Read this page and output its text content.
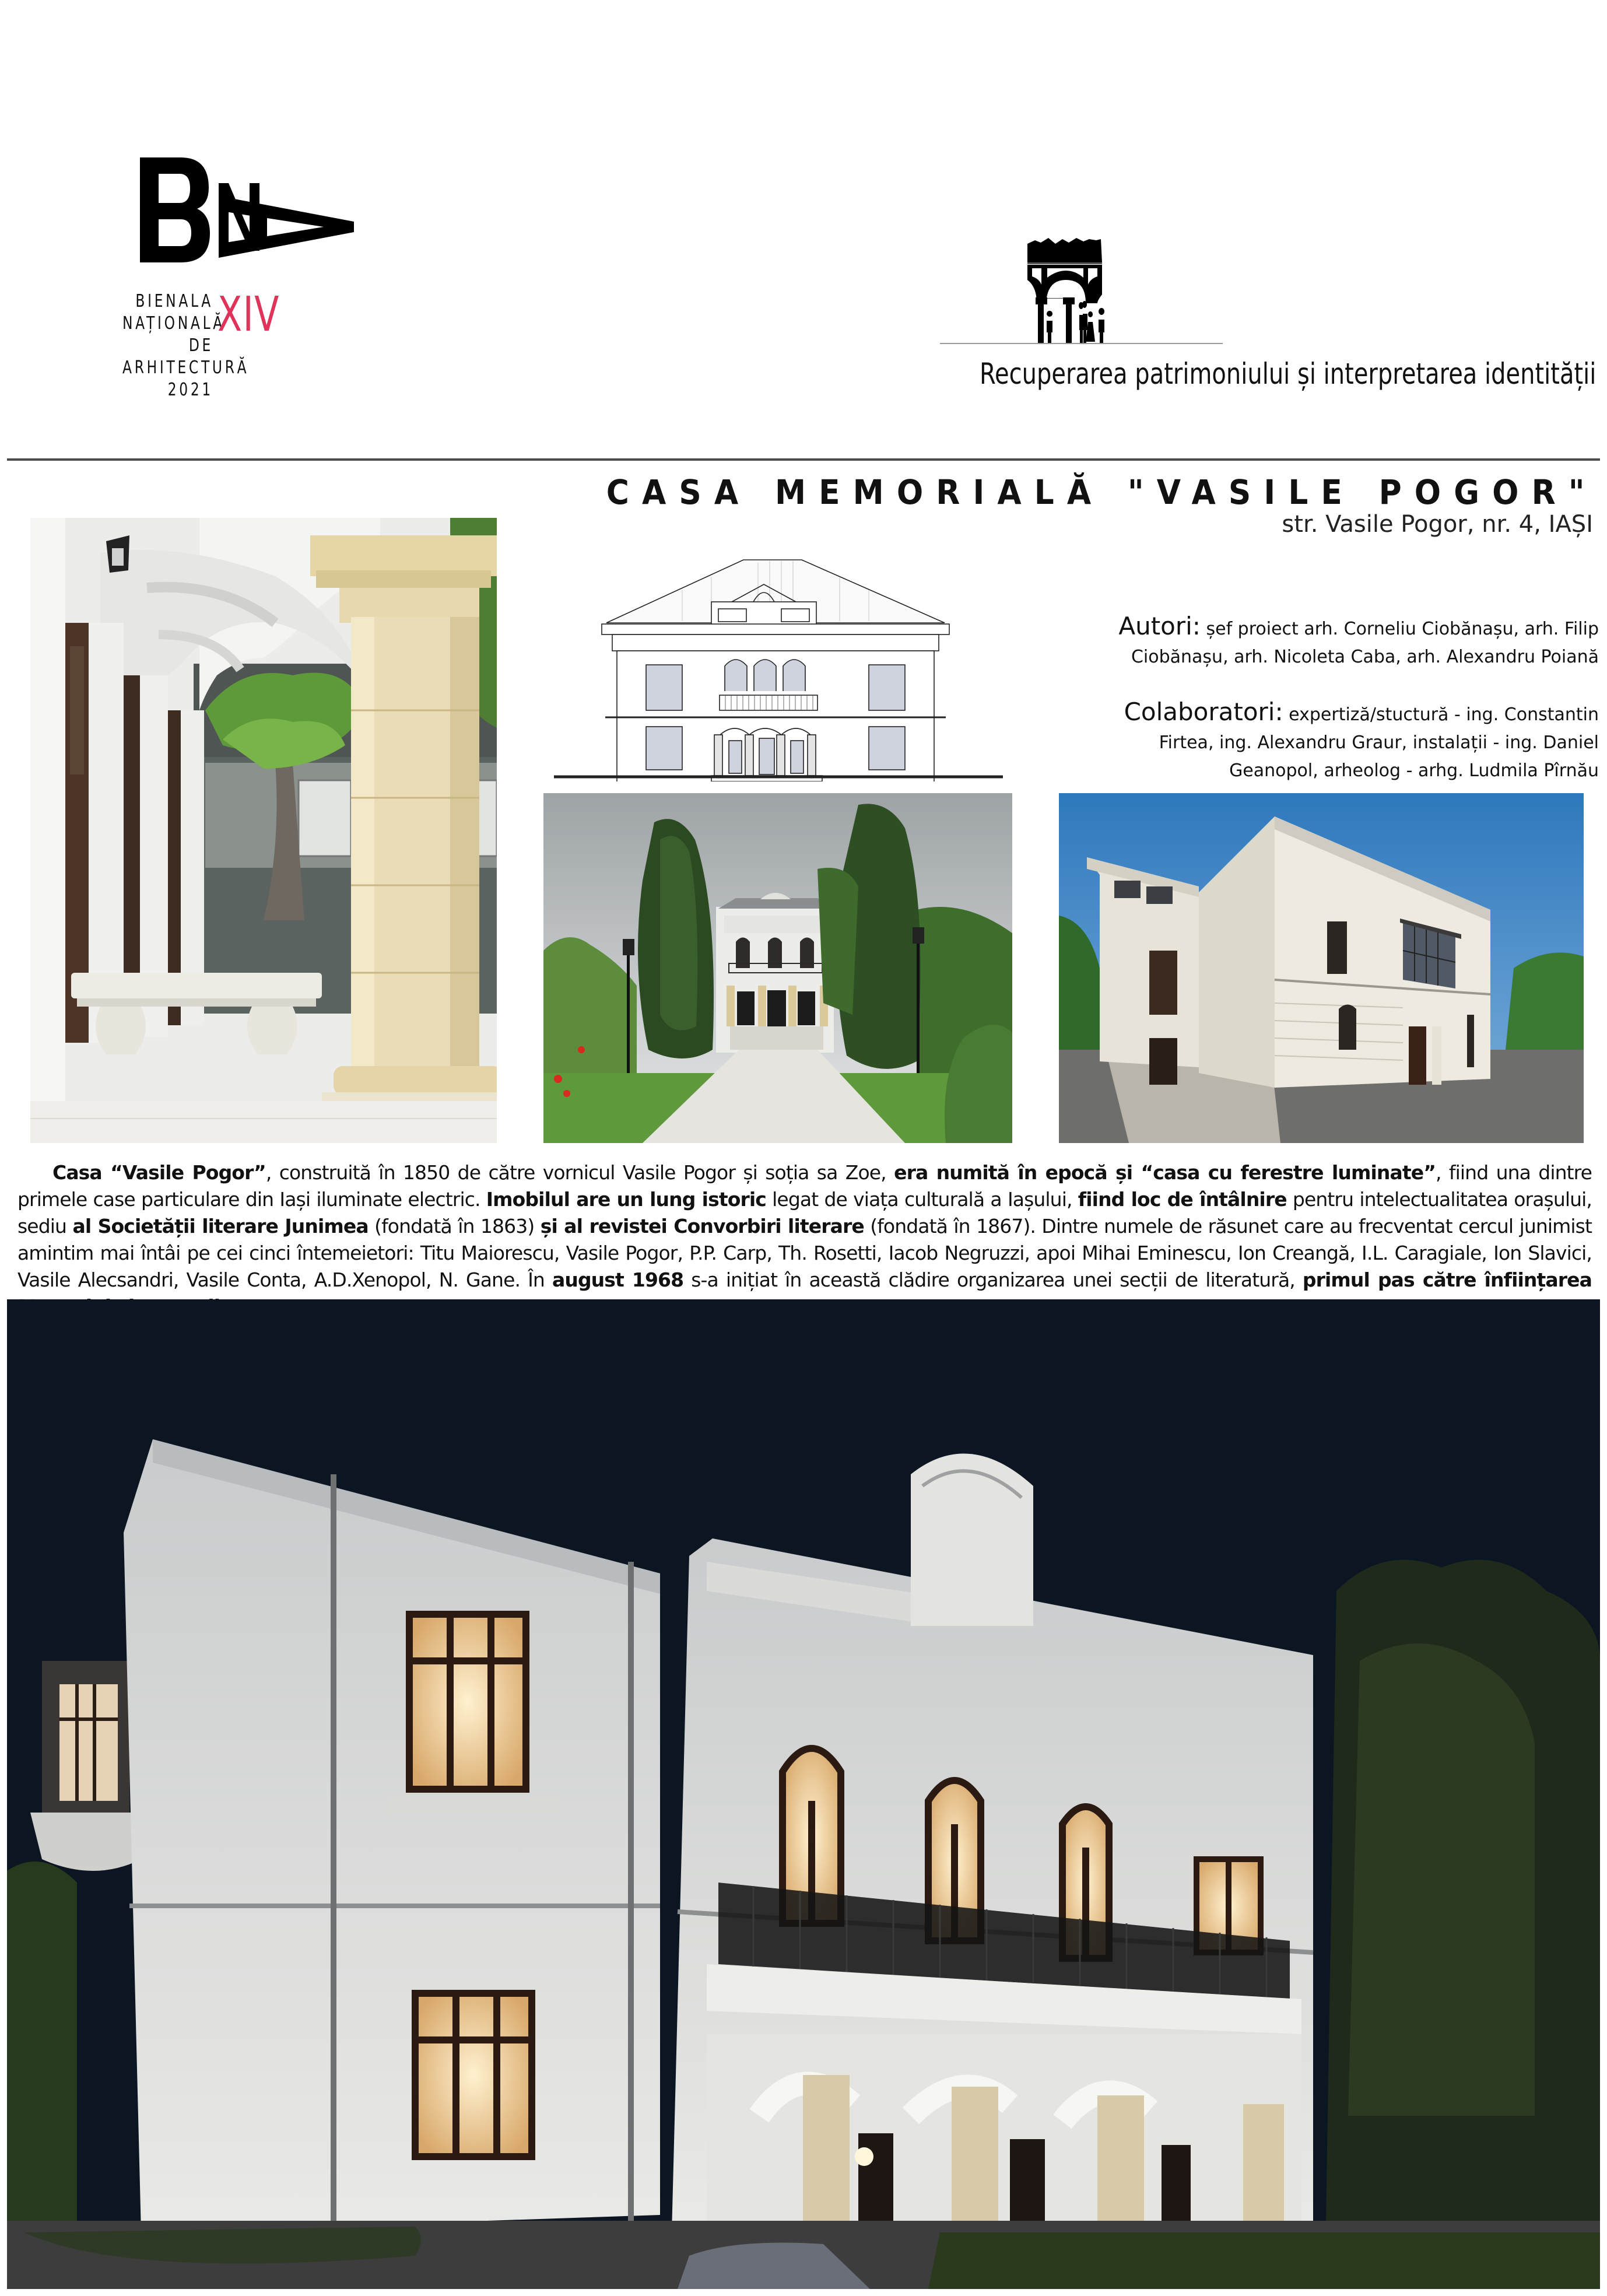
BIENALA
NAȚIONALĂ
DE
ARHITECTURĂ
2021
XIV
Recuperarea patrimoniului și interpretarea identității
CASA MEMORIALĂ "VASILE POGOR"
str. Vasile Pogor, nr. 4, IAȘI
Autori: șef proiect arh. Corneliu Ciobănașu, arh. Filip
Ciobănașu, arh. Nicoleta Caba, arh. Alexandru Poiană
Colaboratori: expertiză/stuctură - ing. Constantin
Firtea, ing. Alexandru Graur, instalații - ing. Daniel
Geanopol, arheolog - arhg. Ludmila Pîrnău
Casa “Vasile Pogor”, construită în 1850 de către vornicul Vasile Pogor și soția sa Zoe, era numită în epocă și “casa cu ferestre luminate”, fiind una dintre primele case particulare din Iași iluminate electric. Imobilul are un lung istoric legat de viața culturală a Iașului, fiind loc de întâlnire pentru intelectualitatea orașului, sediu al Societății literare Junimea (fondată în 1863) și al revistei Convorbiri literare (fondată în 1867). Dintre numele de răsunet care au frecventat cercul junimist amintim mai întâi pe cei cinci întemeietori: Titu Maiorescu, Vasile Pogor, P.P. Carp, Th. Rosetti, Iacob Negruzzi, apoi Mihai Eminescu, Ion Creangă, I.L. Caragiale, Ion Slavici, Vasile Alecsandri, Vasile Conta, A.D.Xenopol, N. Gane. În august 1968 s-a inițiat în această clădire organizarea unei secții de literatură, primul pas către înființarea
